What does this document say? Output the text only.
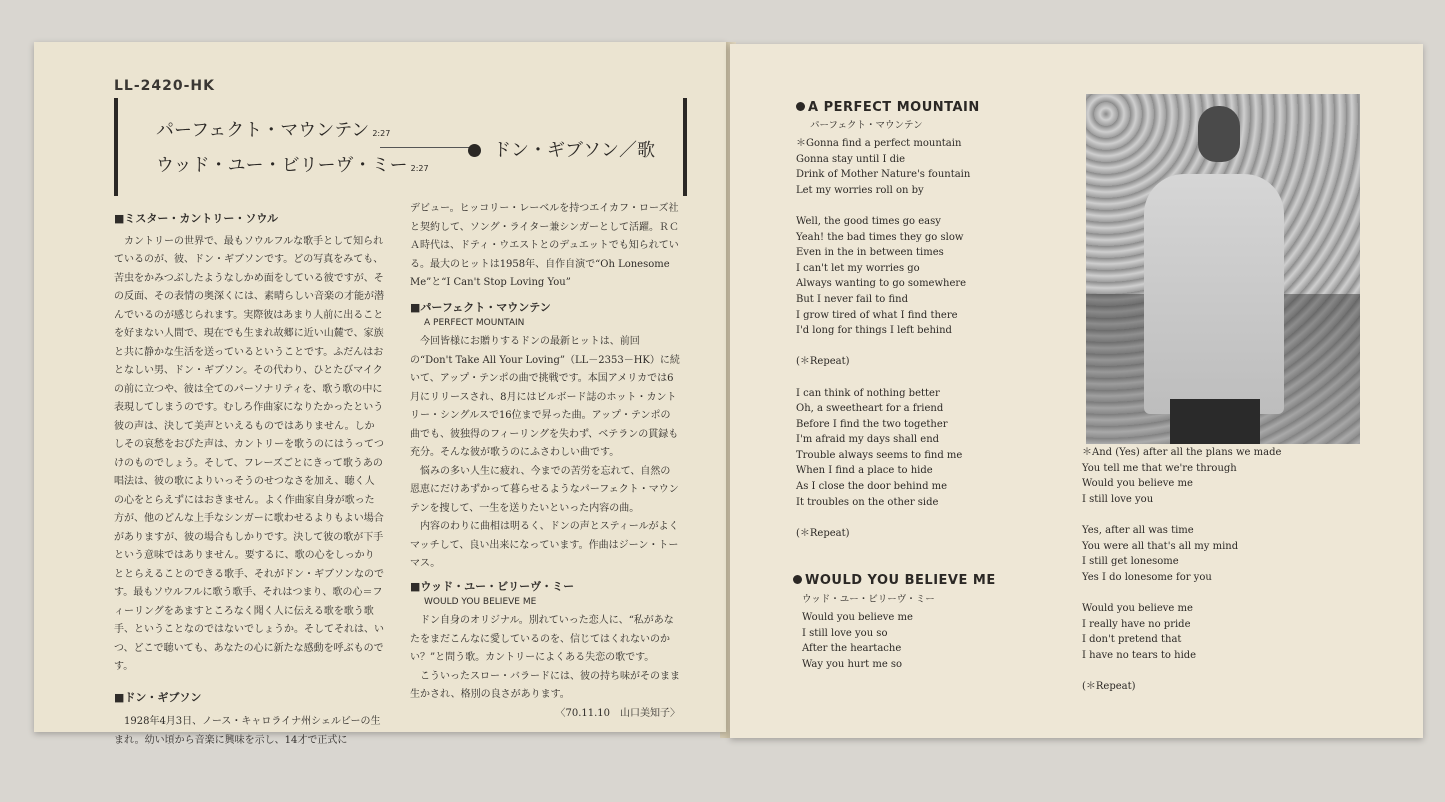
LL-2420-HK
パーフェクト・マウンテン 2:27
ドン・ギブソン／歌
ウッド・ユー・ビリーヴ・ミー 2:27
■ミスター・カントリー・ソウル

カントリーの世界で、最もソウルフルな歌手として知られているのが、彼、ドン・ギブソンです。どの写真をみても、苦虫をかみつぶしたようなしかめ面をしている彼ですが、その反面、その表情の奥深くには、素晴らしい音楽の才能が潜んでいるのが感じられます。実際彼はあまり人前に出ることを好まない人間で、現在でも生まれ故郷に近い山麓で、家族と共に静かな生活を送っているということです。ふだんはおとなしい男、ドン・ギブソン。その代わり、ひとたびマイクの前に立つや、彼は全てのパーソナリティを、歌う歌の中に表現してしまうのです。むしろ作曲家になりたかったという彼の声は、決して美声といえるものではありません。しかしその哀愁をおびた声は、カントリーを歌うのにはうってつけのものでしょう。そして、フレーズごとにきって歌うあの唱法は、彼の歌によりいっそうのせつなさを加え、聴く人の心をとらえずにはおきません。よく作曲家自身が歌った方が、他のどんな上手なシンガーに歌わせるよりもよい場合がありますが、彼の場合もしかりです。決して彼の歌が下手という意味ではありません。要するに、歌の心をしっかりととらえることのできる歌手、それがドン・ギブソンなのです。最もソウルフルに歌う歌手、それはつまり、歌の心＝フィーリングをあますところなく聞く人に伝える歌を歌う歌手、ということなのではないでしょうか。そしてそれは、いつ、どこで聴いても、あなたの心に新たな感動を呼ぶものです。

■ドン・ギブソン

1928年4月3日、ノース・キャロライナ州シェルビーの生まれ。幼い頃から音楽に興味を示し、14才で正式に

デビュー。ヒッコリー・レーベルを持つエイカフ・ローズ社と契約して、ソング・ライター兼シンガーとして活躍。ＲＣＡ時代は、ドティ・ウエストとのデュエットでも知られている。最大のヒットは1958年、自作自演で“Oh Lonesome Me”と“I Can't Stop Loving You”

■パーフェクト・マウンテン
A PERFECT MOUNTAIN

今回皆様にお贈りするドンの最新ヒットは、前回の“Don't Take All Your Loving”（LL－2353－HK）に続いて、アップ・テンポの曲で挑戦です。本国アメリカでは6月にリリースされ、8月にはビルボード誌のホット・カントリー・シングルスで16位まで昇った曲。アップ・テンポの曲でも、彼独得のフィーリングを失わず、ベテランの貫録も充分。そんな彼が歌うのにふさわしい曲です。

悩みの多い人生に疲れ、今までの苦労を忘れて、自然の恩恵にだけあずかって暮らせるようなパーフェクト・マウンテンを捜して、一生を送りたいといった内容の曲。

内容のわりに曲相は明るく、ドンの声とスティールがよくマッチして、良い出来になっています。作曲はジーン・トーマス。

■ウッド・ユー・ビリーヴ・ミー
WOULD YOU BELIEVE ME

ドン自身のオリジナル。別れていった恋人に、“私があなたをまだこんなに愛しているのを、信じてはくれないのかい？”と問う歌。カントリーによくある失恋の歌です。

こういったスロー・バラードには、彼の持ち味がそのまま生かされ、格別の良さがあります。

〈70.11.10　山口美知子〉
A PERFECT MOUNTAIN
パーフェクト・マウンテン
＊Gonna find a perfect mountain
Gonna stay until I die
Drink of Mother Nature's fountain
Let my worries roll on by
Well, the good times go easy
Yeah! the bad times they go slow
Even in the in between times
I can't let my worries go
Always wanting to go somewhere
But I never fail to find
I grow tired of what I find there
I'd long for things I left behind
(＊Repeat)
I can think of nothing better
Oh, a sweetheart for a friend
Before I find the two together
I'm afraid my days shall end
Trouble always seems to find me
When I find a place to hide
As I close the door behind me
It troubles on the other side
(＊Repeat)
WOULD YOU BELIEVE ME
ウッド・ユー・ビリーヴ・ミー
Would you believe me
I still love you so
After the heartache
Way you hurt me so
＊And (Yes) after all the plans we made
You tell me that we're through
Would you believe me
I still love you
Yes, after all was time
You were all that's all my mind
I still get lonesome
Yes I do lonesome for you
Would you believe me
I really have no pride
I don't pretend that
I have no tears to hide
(＊Repeat)
